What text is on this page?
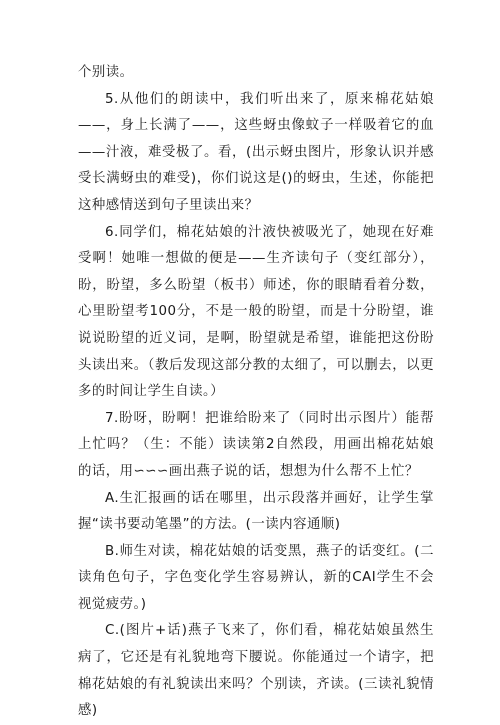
个别读。

5.从他们的朗读中，我们听出来了，原来棉花姑娘——，身上长满了——，这些蚜虫像蚊子一样吸着它的血——汁液，难受极了。看，(出示蚜虫图片，形象认识并感受长满蚜虫的难受)，你们说这是()的蚜虫，生述，你能把这种感情送到句子里读出来？

6.同学们，棉花姑娘的汁液快被吸光了，她现在好难受啊！她唯一想做的便是——生齐读句子（变红部分），盼，盼望，多么盼望（板书）师述，你的眼睛看着分数，心里盼望考100分，不是一般的盼望，而是十分盼望，谁说说盼望的近义词，是啊，盼望就是希望，谁能把这份盼头读出来。（教后发现这部分教的太细了，可以删去，以更多的时间让学生自读。）

7.盼呀，盼啊！把谁给盼来了（同时出示图片）能帮上忙吗？（生：不能）读读第2自然段，用画出棉花姑娘的话，用∽∽∽画出燕子说的话，想想为什么帮不上忙？

A.生汇报画的话在哪里，出示段落并画好，让学生掌握“读书要动笔墨”的方法。(一读内容通顺)

B.师生对读，棉花姑娘的话变黑，燕子的话变红。(二读角色句子，字色变化学生容易辨认，新的CAI学生不会视觉疲劳。)

C.(图片+话)燕子飞来了，你们看，棉花姑娘虽然生病了，它还是有礼貌地弯下腰说。你能通过一个请字，把棉花姑娘的有礼貌读出来吗？个别读，齐读。(三读礼貌情感)
